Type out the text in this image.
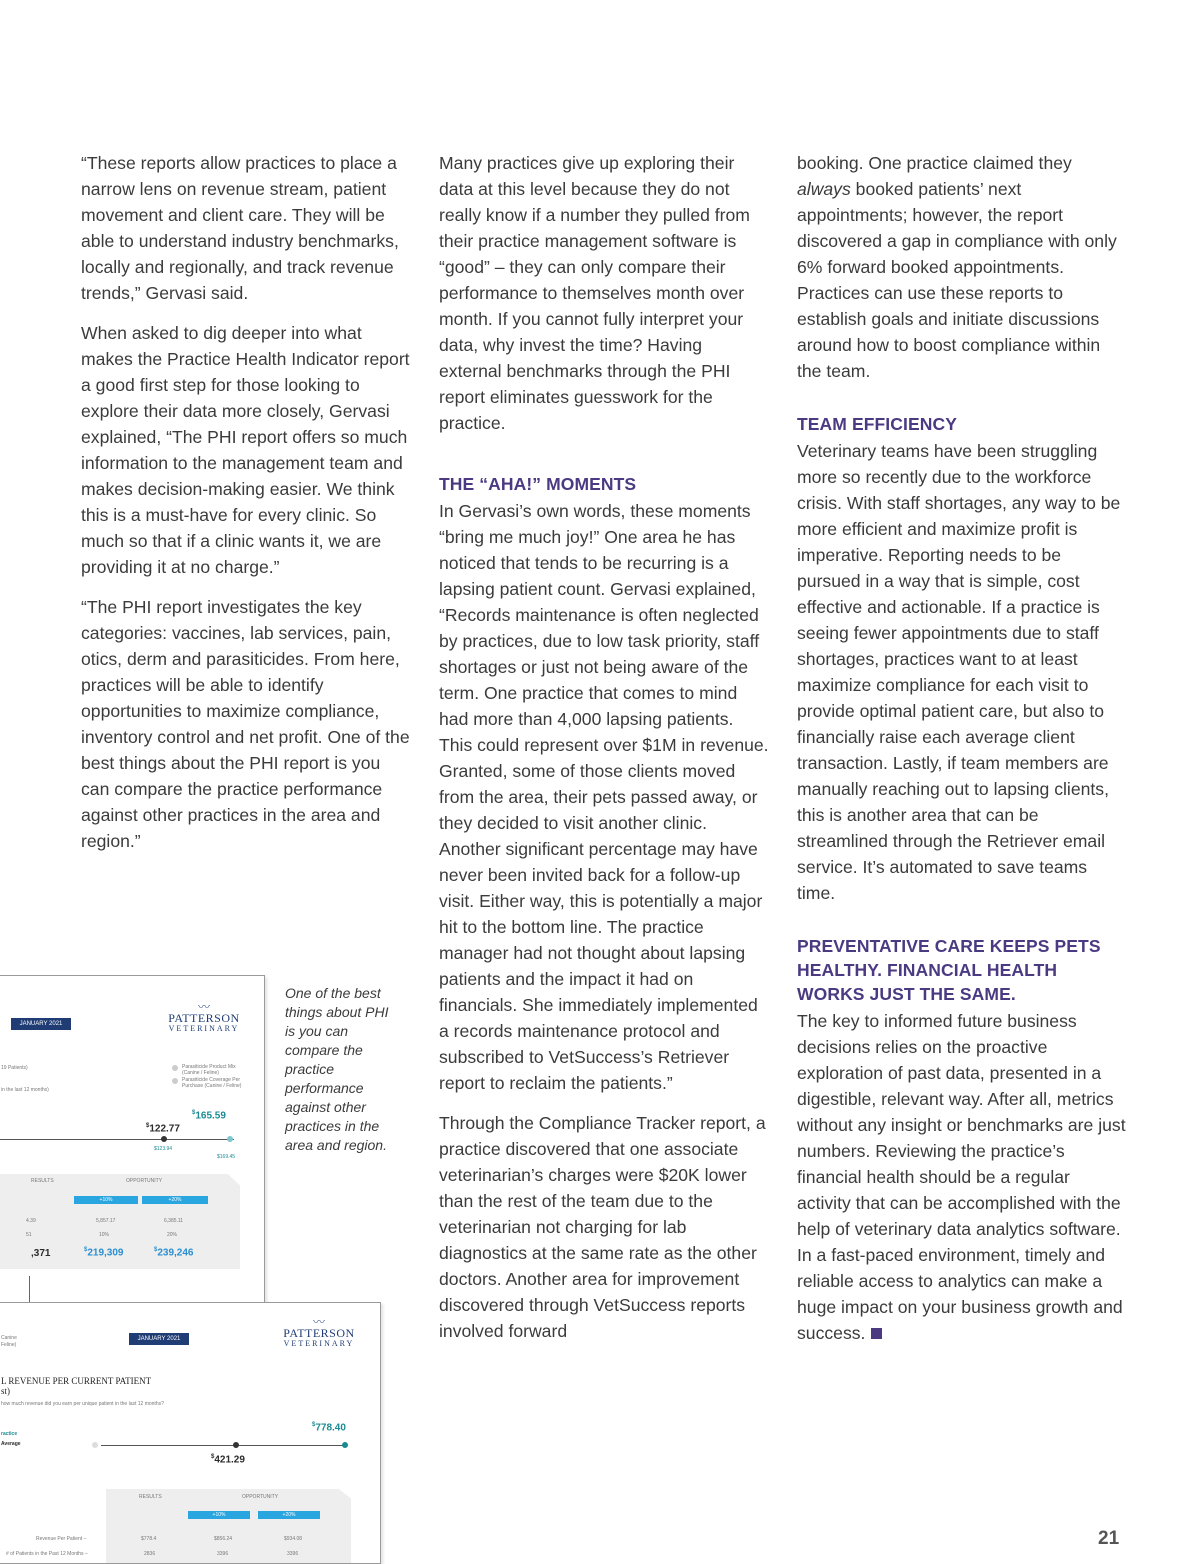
“These reports allow practices to place a narrow lens on revenue stream, patient movement and client care. They will be able to understand industry benchmarks, locally and regionally, and track revenue trends,” Gervasi said.

When asked to dig deeper into what makes the Practice Health Indicator report a good first step for those looking to explore their data more closely, Gervasi explained, “The PHI report offers so much information to the management team and makes decision-making easier. We think this is a must-have for every clinic. So much so that if a clinic wants it, we are providing it at no charge.”

“The PHI report investigates the key categories: vaccines, lab services, pain, otics, derm and parasiticides. From here, practices will be able to identify opportunities to maximize compliance, inventory control and net profit. One of the best things about the PHI report is you can compare the practice performance against other practices in the area and region.”

Many practices give up exploring their data at this level because they do not really know if a number they pulled from their practice management software is “good” – they can only compare their performance to themselves month over month. If you cannot fully interpret your data, why invest the time? Having external benchmarks through the PHI report eliminates guesswork for the practice.

THE “AHA!” MOMENTS

In Gervasi’s own words, these moments “bring me much joy!” One area he has noticed that tends to be recurring is a lapsing patient count. Gervasi explained, “Records maintenance is often neglected by practices, due to low task priority, staff shortages or just not being aware of the term. One practice that comes to mind had more than 4,000 lapsing patients. This could represent over $1M in revenue. Granted, some of those clients moved from the area, their pets passed away, or they decided to visit another clinic. Another significant percentage may have never been invited back for a follow-up visit. Either way, this is potentially a major hit to the bottom line. The practice manager had not thought about lapsing patients and the impact it had on financials. She immediately implemented a records maintenance protocol and subscribed to VetSuccess’s Retriever report to reclaim the patients.”

Through the Compliance Tracker report, a practice discovered that one associate veterinarian’s charges were $20K lower than the rest of the team due to the veterinarian not charging for lab diagnostics at the same rate as the other doctors. Another area for improvement discovered through VetSuccess reports involved forward

booking. One practice claimed they always booked patients’ next appointments; however, the report discovered a gap in compliance with only 6% forward booked appointments. Practices can use these reports to establish goals and initiate discussions around how to boost compliance within the team.

TEAM EFFICIENCY

Veterinary teams have been struggling more so recently due to the workforce crisis. With staff shortages, any way to be more efficient and maximize profit is imperative. Reporting needs to be pursued in a way that is simple, cost effective and actionable. If a practice is seeing fewer appointments due to staff shortages, practices want to at least maximize compliance for each visit to provide optimal patient care, but also to financially raise each average client transaction. Lastly, if team members are manually reaching out to lapsing clients, this is another area that can be streamlined through the Retriever email service. It’s automated to save teams time.

PREVENTATIVE CARE KEEPS PETS HEALTHY. FINANCIAL HEALTH WORKS JUST THE SAME.

The key to informed future business decisions relies on the proactive exploration of past data, presented in a digestible, relevant way. After all, metrics without any insight or benchmarks are just numbers. Reviewing the practice’s financial health should be a regular activity that can be accomplished with the help of veterinary data analytics software. In a fast-paced environment, timely and reliable access to analytics can make a huge impact on your business growth and success.

One of the best things about PHI is you can compare the practice performance against other practices in the area and region.
JANUARY 2021
〰
PATTERSON
VETERINARY
19 Patients)
in the last 12 months)
Parasiticide Product Mix (Canine / Feline)
Parasiticide Coverage Per Purchase (Canine / Feline)
$122.77
$165.59
$123.94
$169.45
RESULTS	OPPORTUNITY
+10%	+20%
4.39	5,857.17	6,385.11
51	10%	20%
,371	$219,309	$239,246
Canine
Feline)
JANUARY 2021
〰
PATTERSON
VETERINARY
L REVENUE PER CURRENT PATIENT
st)
how much revenue did you earn per unique patient in the last 12 months?
ractice
Average
$778.40
$421.29
RESULTS	OPPORTUNITY
+10%	+20%
Revenue Per Patient –
# of Patients in the Past 12 Months –
$778.4	$856.24	$934.08
2836	3396	3396
21
